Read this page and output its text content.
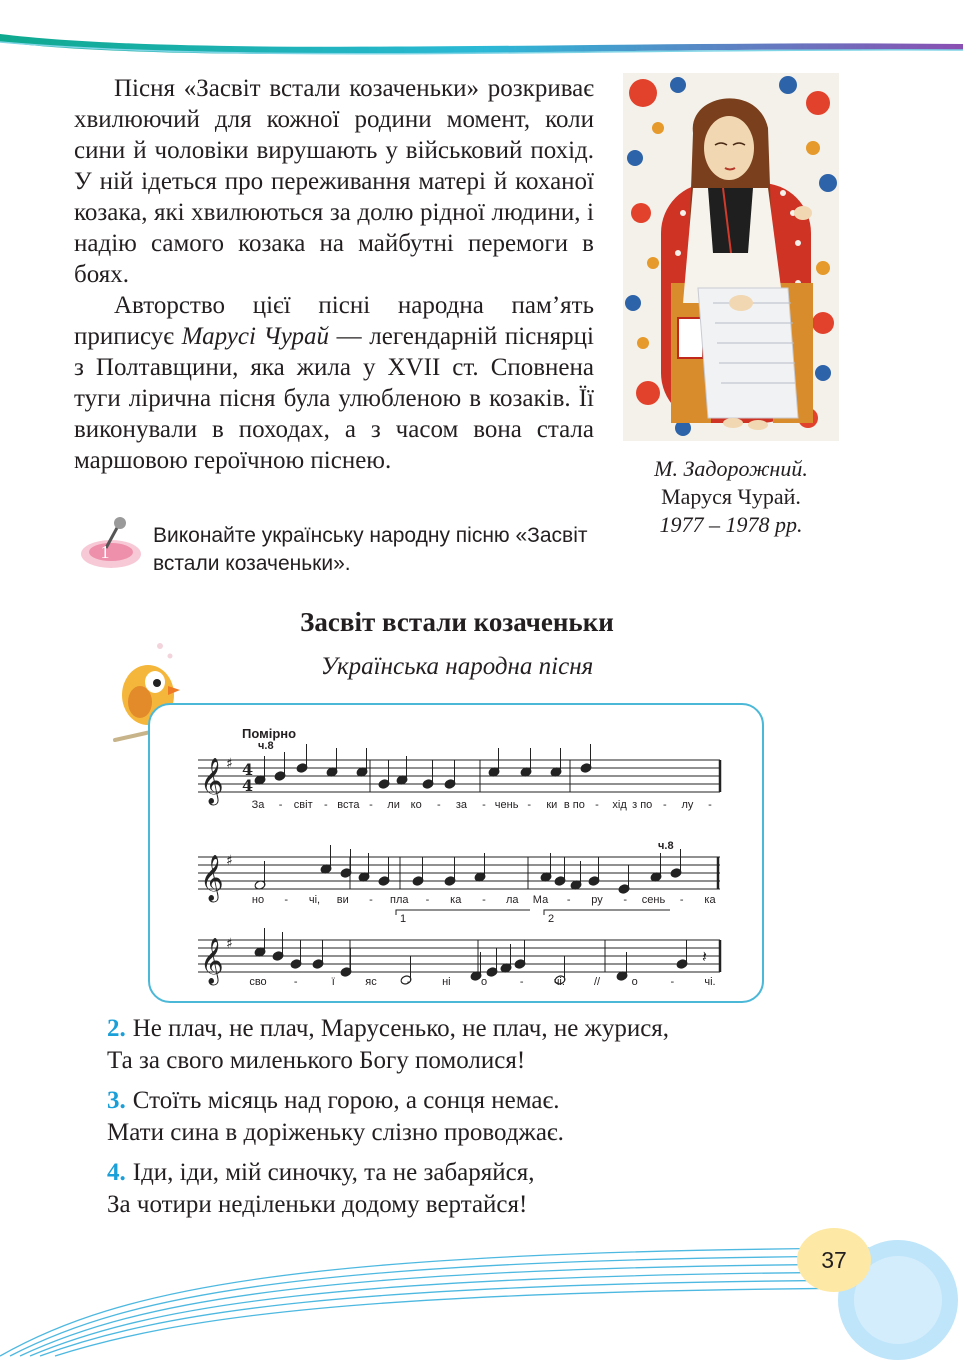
Пісня «Засвіт встали козаченьки» розкриває хвилюючий для кожної родини момент, коли сини й чоловіки вирушають у військовий похід. У ній ідеться про переживання матері й коханої козака, які хвилюються за долю рідної людини, і надію самого козака на майбутні перемоги в боях.

Авторство цієї пісні народна пам’ять приписує Марусі Чурай — легендарній піснярці з Полтавщини, яка жила у XVII ст. Сповнена туги лірична пісня була улюбленою в козаків. Її виконували в походах, а з часом вона стала маршовою героїчною піснею.	М. Задорожний.
Маруся Чурай.
1977 – 1978 рр.
1
Виконайте українську народну пісню «Засвіт встали козаченьки».
Засвіт встали козаченьки
Українська народна пісня
Помірно
𝄞 ♯
𝄞 ♯
𝄞 ♯
4
4
𝄽
За - світ - вста - ли ко - за - чень - ки в по - хід з по - лу -
но - чі, ви - пла - ка - ла Ма - ру - сень - ка
сво -	ї	яс	-	ні	о	-	чі.	//	о	-	чі.
ч.8
ч.8
1	2
2. Не плач, не плач, Марусенько, не плач, не журися,
Та за свого миленького Богу помолися!
3. Стоїть місяць над горою, а сонця немає.
Мати сина в доріженьку слізно проводжає.
4. Іди, іди, мій синочку, та не забаряйся,
За чотири неділеньки додому вертайся!
37
